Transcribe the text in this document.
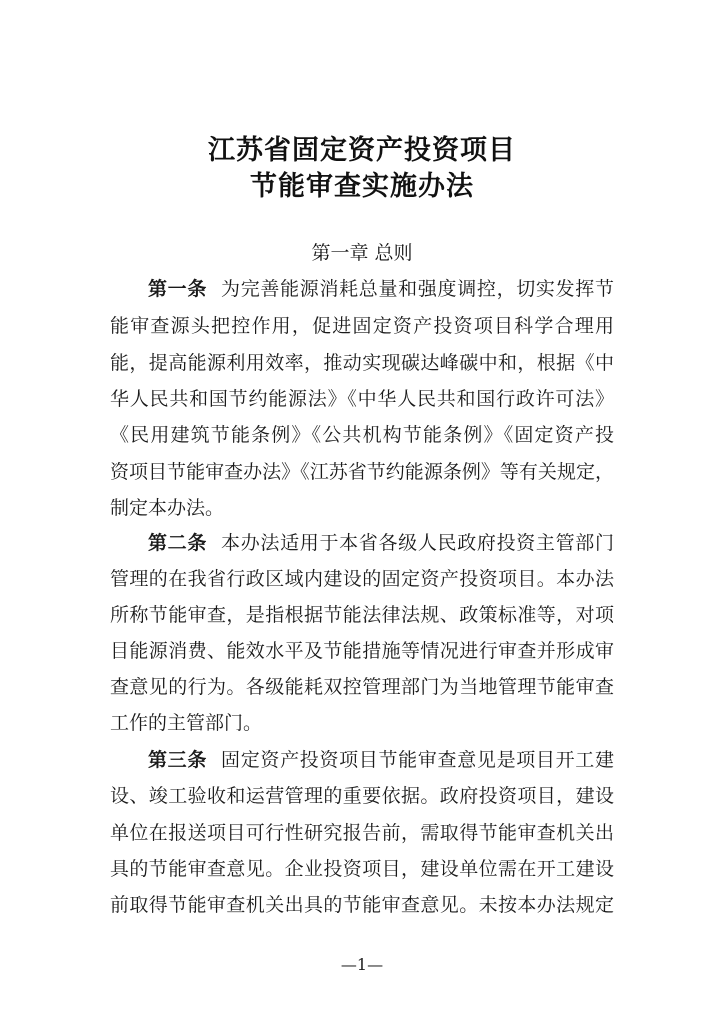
江苏省固定资产投资项目
节能审查实施办法
第一章 总则
第一条 为完善能源消耗总量和强度调控，切实发挥节
能审查源头把控作用，促进固定资产投资项目科学合理用
能，提高能源利用效率，推动实现碳达峰碳中和，根据《中
华人民共和国节约能源法》《中华人民共和国行政许可法》
《民用建筑节能条例》《公共机构节能条例》《固定资产投
资项目节能审查办法》《江苏省节约能源条例》等有关规定，
制定本办法。
第二条 本办法适用于本省各级人民政府投资主管部门
管理的在我省行政区域内建设的固定资产投资项目。本办法
所称节能审查，是指根据节能法律法规、政策标准等，对项
目能源消费、能效水平及节能措施等情况进行审查并形成审
查意见的行为。各级能耗双控管理部门为当地管理节能审查
工作的主管部门。
第三条 固定资产投资项目节能审查意见是项目开工建
设、竣工验收和运营管理的重要依据。政府投资项目，建设
单位在报送项目可行性研究报告前，需取得节能审查机关出
具的节能审查意见。企业投资项目，建设单位需在开工建设
前取得节能审查机关出具的节能审查意见。未按本办法规定
—1—
